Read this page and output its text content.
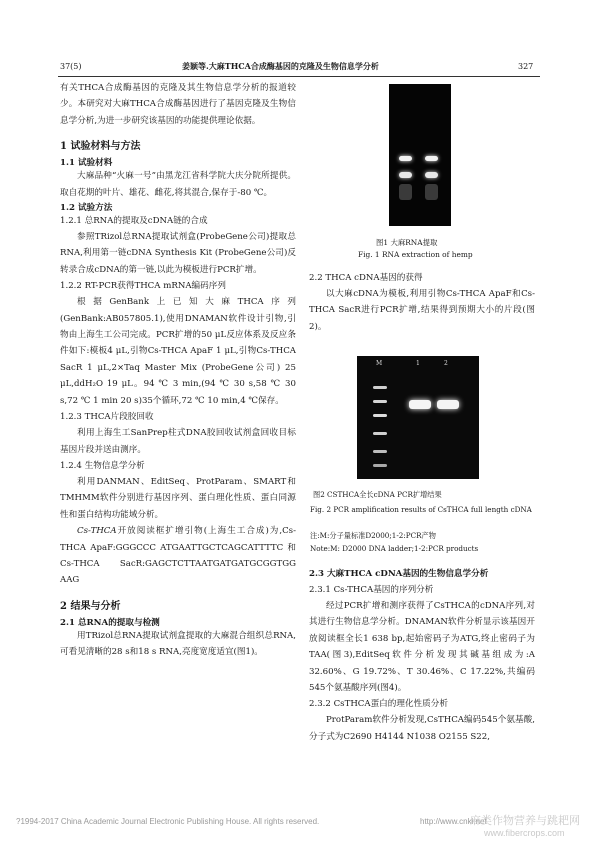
37(5)	姜颖等.大麻THCA合成酶基因的克隆及生物信息学分析	327
有关THCA合成酶基因的克隆及其生物信息学分析的报道较少。本研究对大麻THCA合成酶基因进行了基因克隆及生物信息学分析,为进一步研究该基因的功能提供理论依据。
1 试验材料与方法
1.1 试验材料
大麻品种“火麻一号”由黑龙江省科学院大庆分院所提供。取自花期的叶片、雄花、雌花,将其混合,保存于-80 ℃。
1.2 试验方法
1.2.1 总RNA的提取及cDNA链的合成
参照TRizol总RNA提取试剂盒(ProbeGene公司)提取总RNA,利用第一链cDNA Synthesis Kit (ProbeGene公司)反转录合成cDNA的第一链,以此为模板进行PCR扩增。
1.2.2 RT-PCR获得THCA mRNA编码序列
根据GenBank上已知大麻THCA序列(GenBank:AB057805.1),使用DNAMAN软件设计引物,引物由上海生工公司完成。PCR扩增的50 μL反应体系及反应条件如下:模板4 μL,引物Cs-THCA ApaF 1 μL,引物Cs-THCA SacR 1 μL,2×Taq Master Mix (ProbeGene公司) 25 μL,ddH₂O 19 μL。94 ℃ 3 min,(94 ℃ 30 s,58 ℃ 30 s,72 ℃ 1 min 20 s)35个循环,72 ℃ 10 min,4 ℃保存。
1.2.3 THCA片段胶回收
利用上海生工SanPrep柱式DNA胶回收试剂盒回收目标基因片段并送由测序。
1.2.4 生物信息学分析
利用DANMAN、EditSeq、ProtParam、SMART和TMHMM软件分别进行基因序列、蛋白理化性质、蛋白同源性和蛋白结构功能域分析。
Cs-THCA开放阅读框扩增引物(上海生工合成)为,Cs-THCA ApaF:GGGCCC ATGAATTGCTCAGCATTTTC 和 Cs-THCA SacR:GAGCTCTTAATGATGATGCGGTGG AAG
2 结果与分析
2.1 总RNA的提取与检测
用TRizol总RNA提取试剂盒提取的大麻混合组织总RNA,可看见清晰的28 s和18 s RNA,亮度宽度适宜(图1)。
图1 大麻RNA提取
Fig. 1 RNA extraction of hemp
2.2 THCA cDNA基因的获得
以大麻cDNA为模板,利用引物Cs-THCA ApaF和Cs-THCA SacR进行PCR扩增,结果得到预期大小的片段(图2)。
M	1	2
图2 CSTHCA全长cDNA PCR扩增结果
Fig. 2 PCR amplification results of CsTHCA full length cDNA
注:M:分子量标准D2000;1-2:PCR产物
Note:M: D2000 DNA ladder;1-2:PCR products
2.3 大麻THCA cDNA基因的生物信息学分析
2.3.1 Cs-THCA基因的序列分析
经过PCR扩增和测序获得了CsTHCA的cDNA序列,对其进行生物信息学分析。DNAMAN软件分析显示该基因开放阅读框全长1 638 bp,起始密码子为ATG,终止密码子为TAA(图3),EditSeq软件分析发现其碱基组成为:A 32.60%、G 19.72%、T 30.46%、C 17.22%,共编码545个氨基酸序列(图4)。
2.3.2 CsTHCA蛋白的理化性质分析
ProtParam软件分析发现,CsTHCA编码545个氨基酸,分子式为C2690 H4144 N1038 O2155 S22,
?1994-2017 China Academic Journal Electronic Publishing House. All rights reserved.	http://www.cnki.net
麻类作物营养与跳耙网
www.fibercrops.com
